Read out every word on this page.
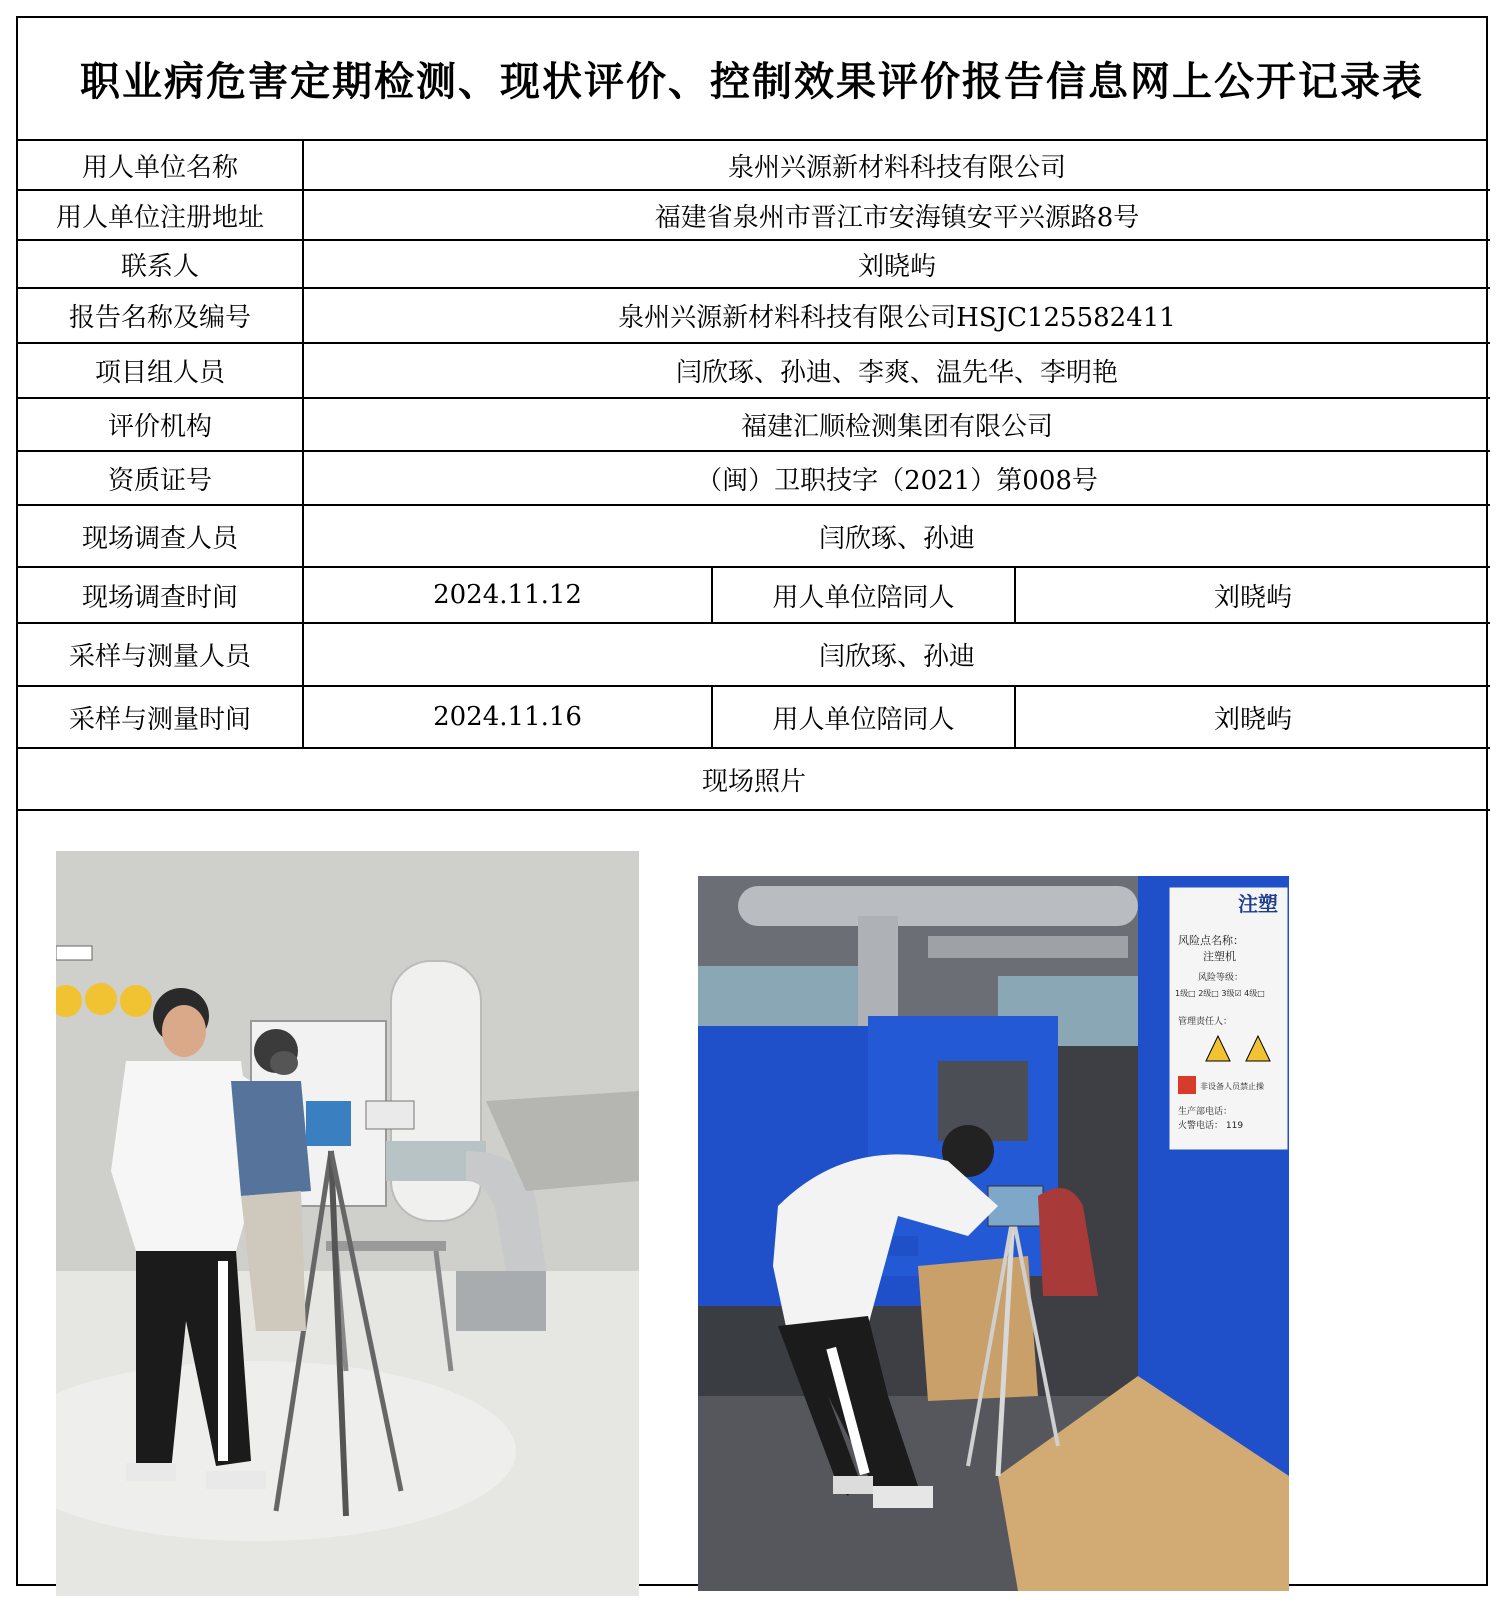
职业病危害定期检测、现状评价、控制效果评价报告信息网上公开记录表
用人单位名称	泉州兴源新材料科技有限公司		
用人单位注册地址	福建省泉州市晋江市安海镇安平兴源路8号		
联系人	刘晓屿		
报告名称及编号	泉州兴源新材料科技有限公司HSJC125582411		
项目组人员	闫欣琢、孙迪、李爽、温先华、李明艳		
评价机构	福建汇顺检测集团有限公司		
资质证号	（闽）卫职技字（2021）第008号		
现场调查人员	闫欣琢、孙迪		
现场调查时间	2024.11.12	用人单位陪同人	刘晓屿
采样与测量人员	闫欣琢、孙迪		
采样与测量时间	2024.11.16	用人单位陪同人	刘晓屿
现场照片			
注塑
风险点名称：
注塑机
风险等级：
1级□ 2级□ 3级☑ 4级□
管理责任人：
非设备人员禁止操
生产部电话：
火警电话： 119
